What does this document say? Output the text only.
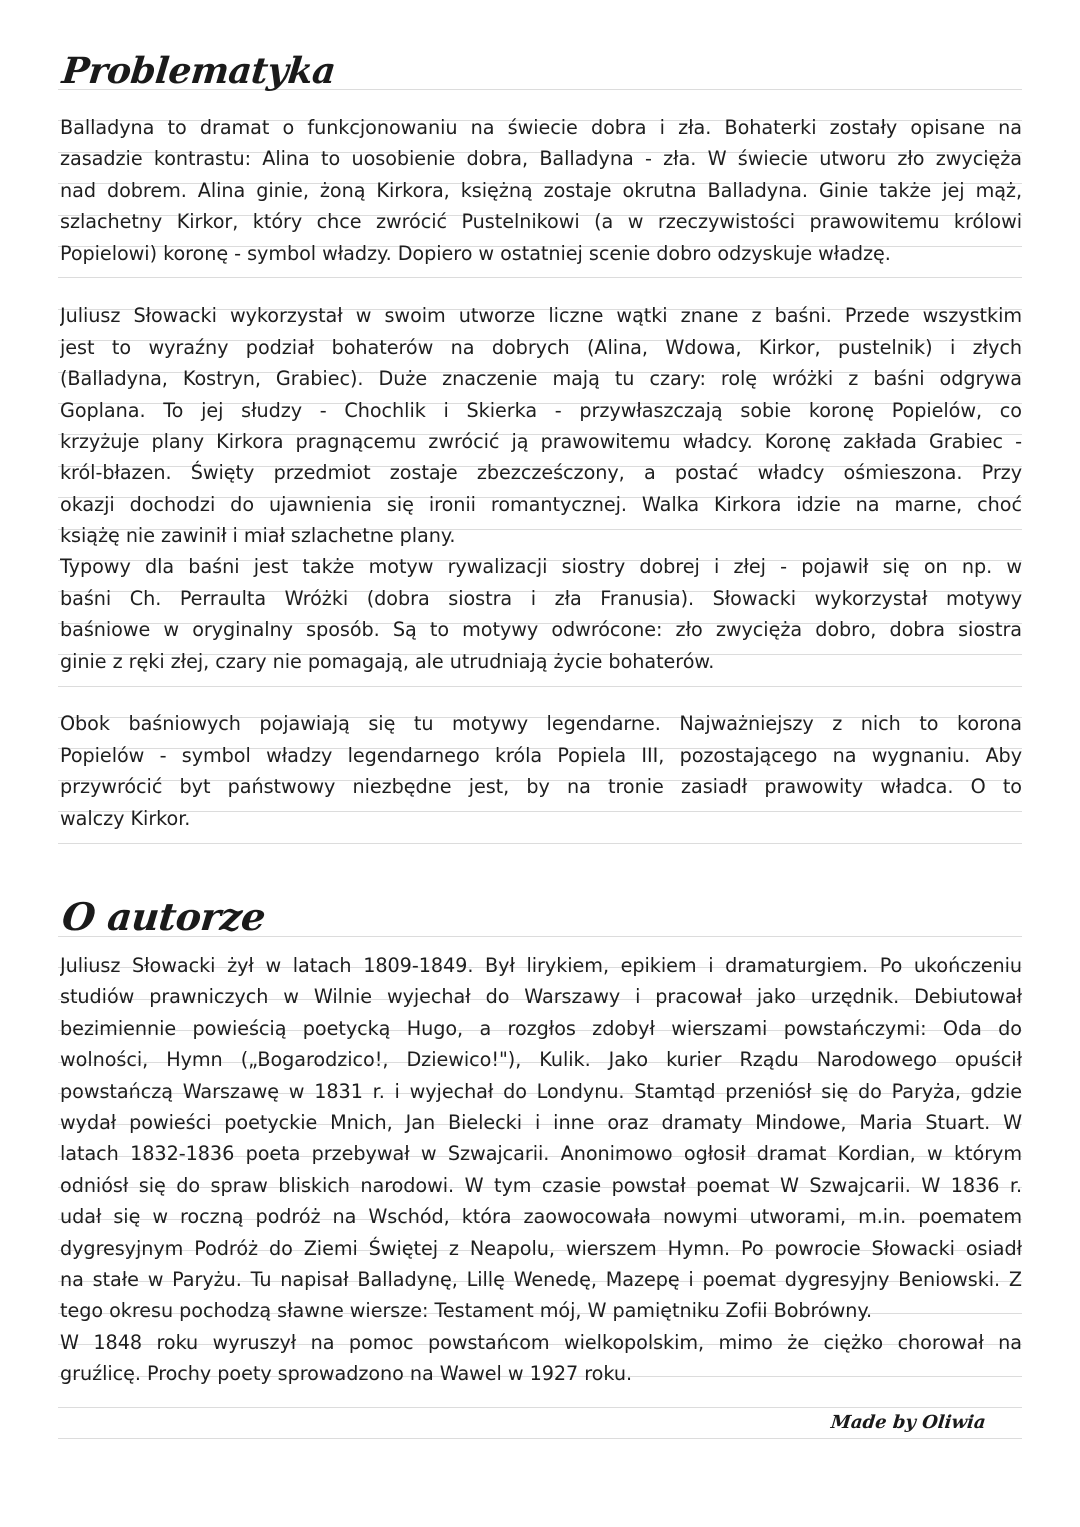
Problematyka
Balladyna to dramat o funkcjonowaniu na świecie dobra i zła. Bohaterki zostały opisane na
zasadzie kontrastu: Alina to uosobienie dobra, Balladyna - zła. W świecie utworu zło zwycięża
nad dobrem. Alina ginie, żoną Kirkora, księżną zostaje okrutna Balladyna. Ginie także jej mąż,
szlachetny Kirkor, który chce zwrócić Pustelnikowi (a w rzeczywistości prawowitemu królowi
Popielowi) koronę - symbol władzy. Dopiero w ostatniej scenie dobro odzyskuje władzę.
Juliusz Słowacki wykorzystał w swoim utworze liczne wątki znane z baśni. Przede wszystkim
jest to wyraźny podział bohaterów na dobrych (Alina, Wdowa, Kirkor, pustelnik) i złych
(Balladyna, Kostryn, Grabiec). Duże znaczenie mają tu czary: rolę wróżki z baśni odgrywa
Goplana. To jej słudzy - Chochlik i Skierka - przywłaszczają sobie koronę Popielów, co
krzyżuje plany Kirkora pragnącemu zwrócić ją prawowitemu władcy. Koronę zakłada Grabiec -
król-błazen. Święty przedmiot zostaje zbezcześczony, a postać władcy ośmieszona. Przy
okazji dochodzi do ujawnienia się ironii romantycznej. Walka Kirkora idzie na marne, choć
książę nie zawinił i miał szlachetne plany.
Typowy dla baśni jest także motyw rywalizacji siostry dobrej i złej - pojawił się on np. w
baśni Ch. Perraulta Wróżki (dobra siostra i zła Franusia). Słowacki wykorzystał motywy
baśniowe w oryginalny sposób. Są to motywy odwrócone: zło zwycięża dobro, dobra siostra
ginie z ręki złej, czary nie pomagają, ale utrudniają życie bohaterów.
Obok baśniowych pojawiają się tu motywy legendarne. Najważniejszy z nich to korona
Popielów - symbol władzy legendarnego króla Popiela III, pozostającego na wygnaniu. Aby
przywrócić byt państwowy niezbędne jest, by na tronie zasiadł prawowity władca. O to
walczy Kirkor.
O autorze
Juliusz Słowacki żył w latach 1809-1849. Był lirykiem, epikiem i dramaturgiem. Po ukończeniu
studiów prawniczych w Wilnie wyjechał do Warszawy i pracował jako urzędnik. Debiutował
bezimiennie powieścią poetycką Hugo, a rozgłos zdobył wierszami powstańczymi: Oda do
wolności, Hymn („Bogarodzico!, Dziewico!"), Kulik. Jako kurier Rządu Narodowego opuścił
powstańczą Warszawę w 1831 r. i wyjechał do Londynu. Stamtąd przeniósł się do Paryża, gdzie
wydał powieści poetyckie Mnich, Jan Bielecki i inne oraz dramaty Mindowe, Maria Stuart. W
latach 1832-1836 poeta przebywał w Szwajcarii. Anonimowo ogłosił dramat Kordian, w którym
odniósł się do spraw bliskich narodowi. W tym czasie powstał poemat W Szwajcarii. W 1836 r.
udał się w roczną podróż na Wschód, która zaowocowała nowymi utworami, m.in. poematem
dygresyjnym Podróż do Ziemi Świętej z Neapolu, wierszem Hymn. Po powrocie Słowacki osiadł
na stałe w Paryżu. Tu napisał Balladynę, Lillę Wenedę, Mazepę i poemat dygresyjny Beniowski. Z
tego okresu pochodzą sławne wiersze: Testament mój, W pamiętniku Zofii Bobrówny.
W 1848 roku wyruszył na pomoc powstańcom wielkopolskim, mimo że ciężko chorował na
gruźlicę. Prochy poety sprowadzono na Wawel w 1927 roku.
Made by Oliwia
